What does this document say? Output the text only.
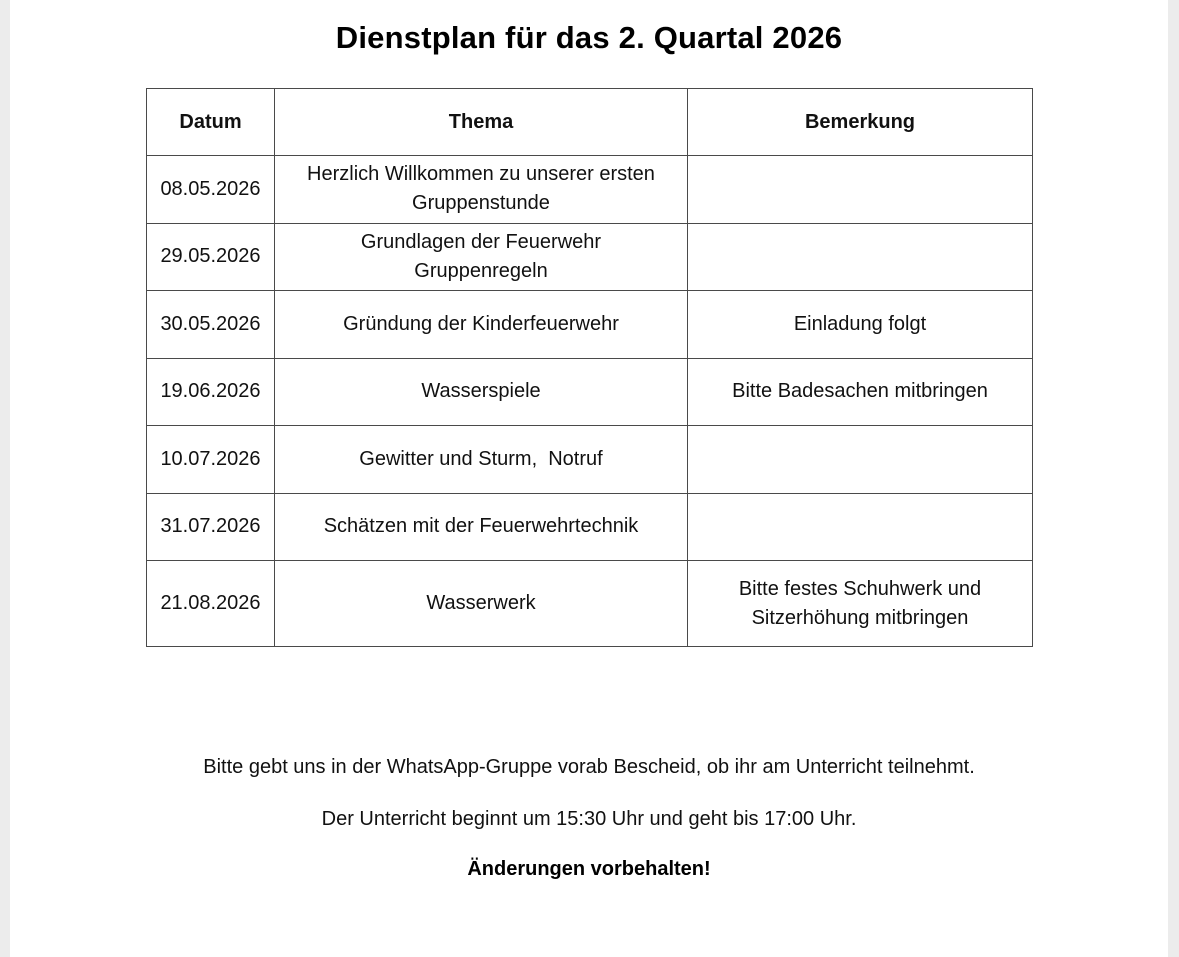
Dienstplan für das 2. Quartal 2026
Datum	Thema	Bemerkung
08.05.2026	Herzlich Willkommen zu unserer ersten
Gruppenstunde	

29.05.2026	Grundlagen der Feuerwehr
Gruppenregeln	

30.05.2026	Gründung der Kinderfeuerwehr	Einladung folgt

19.06.2026	Wasserspiele	Bitte Badesachen mitbringen

10.07.2026	Gewitter und Sturm,  Notruf	

31.07.2026	Schätzen mit der Feuerwehrtechnik	

21.08.2026	Wasserwerk	Bitte festes Schuhwerk und
Sitzerhöhung mitbringen
Bitte gebt uns in der WhatsApp-Gruppe vorab Bescheid, ob ihr am Unterricht teilnehmt.
Der Unterricht beginnt um 15:30 Uhr und geht bis 17:00 Uhr.
Änderungen vorbehalten!
